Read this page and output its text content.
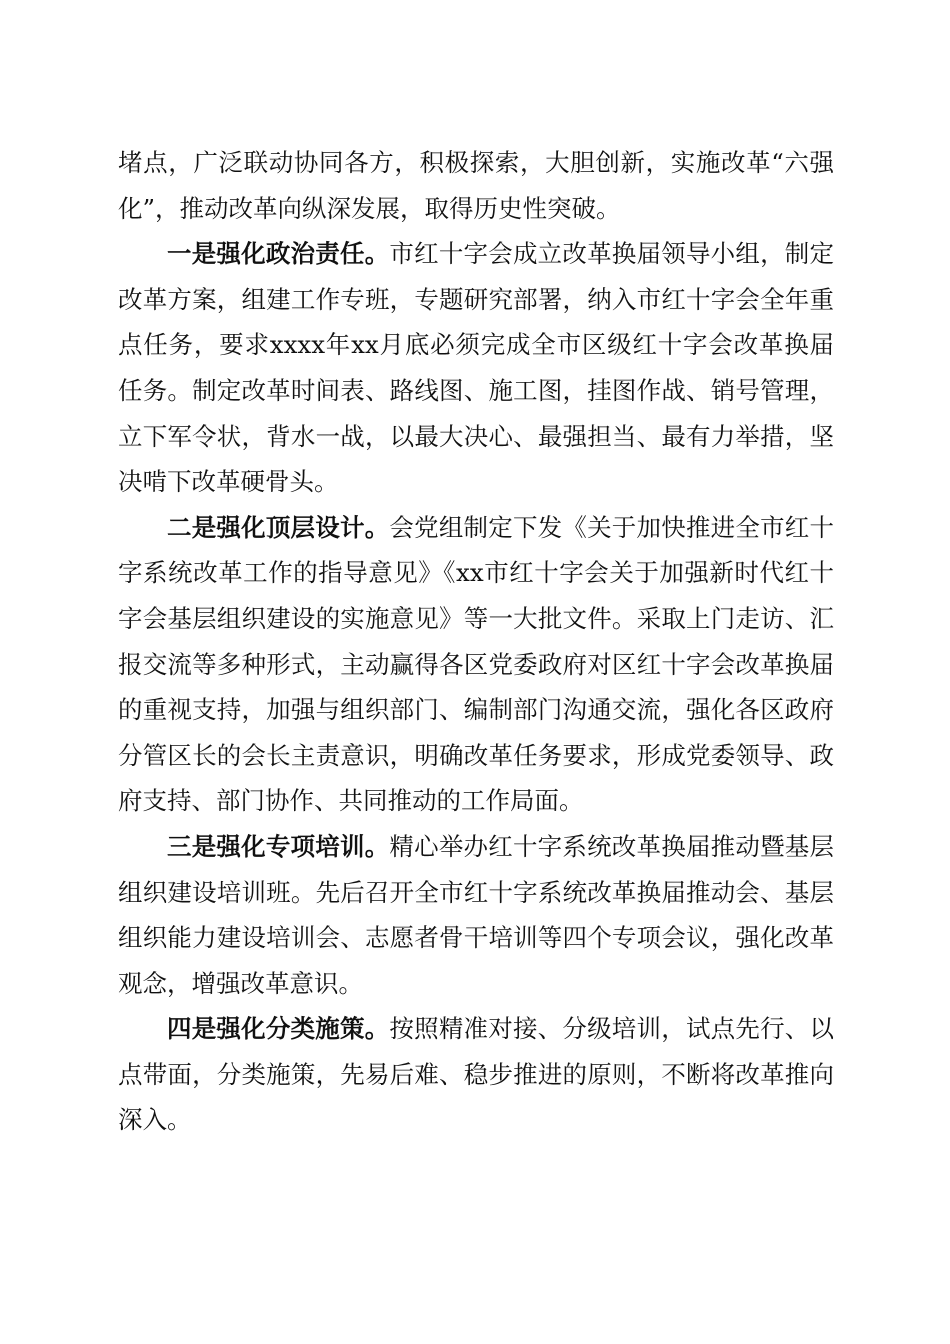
堵点，广泛联动协同各方，积极探索，大胆创新，实施改革“六强化”，推动改革向纵深发展，取得历史性突破。

一是强化政治责任。市红十字会成立改革换届领导小组，制定改革方案，组建工作专班，专题研究部署，纳入市红十字会全年重点任务，要求xxxx年xx月底必须完成全市区级红十字会改革换届任务。制定改革时间表、路线图、施工图，挂图作战、销号管理，立下军令状，背水一战，以最大决心、最强担当、最有力举措，坚决啃下改革硬骨头。

二是强化顶层设计。会党组制定下发《关于加快推进全市红十字系统改革工作的指导意见》《xx市红十字会关于加强新时代红十字会基层组织建设的实施意见》等一大批文件。采取上门走访、汇报交流等多种形式，主动赢得各区党委政府对区红十字会改革换届的重视支持，加强与组织部门、编制部门沟通交流，强化各区政府分管区长的会长主责意识，明确改革任务要求，形成党委领导、政府支持、部门协作、共同推动的工作局面。

三是强化专项培训。精心举办红十字系统改革换届推动暨基层组织建设培训班。先后召开全市红十字系统改革换届推动会、基层组织能力建设培训会、志愿者骨干培训等四个专项会议，强化改革观念，增强改革意识。

四是强化分类施策。按照精准对接、分级培训，试点先行、以点带面，分类施策，先易后难、稳步推进的原则，不断将改革推向深入。
